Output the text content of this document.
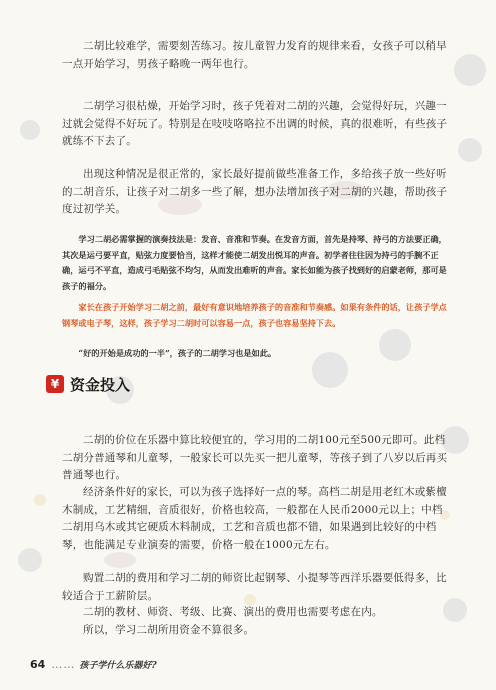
二胡比较难学，需要刻苦练习。按儿童智力发育的规律来看，女孩子可以稍早一点开始学习，男孩子略晚一两年也行。

二胡学习很枯燥，开始学习时，孩子凭着对二胡的兴趣，会觉得好玩，兴趣一过就会觉得不好玩了。特别是在吱吱咯咯拉不出调的时候，真的很难听，有些孩子就练不下去了。

出现这种情况是很正常的，家长最好提前做些准备工作，多给孩子放一些好听的二胡音乐，让孩子对二胡多一些了解，想办法增加孩子对二胡的兴趣，帮助孩子度过初学关。

学习二胡必需掌握的演奏技法是：发音、音准和节奏。在发音方面，首先是持琴、持弓的方法要正确，其次是运弓要平直，贴弦力度要恰当，这样才能使二胡发出悦耳的声音。初学者往往因为持弓的手腕不正确，运弓不平直，造成弓毛贴弦不均匀，从而发出难听的声音。家长如能为孩子找到好的启蒙老师，那可是孩子的福分。

家长在孩子开始学习二胡之前，最好有意识地培养孩子的音准和节奏感。如果有条件的话，让孩子学点钢琴或电子琴，这样，孩子学习二胡时可以容易一点，孩子也容易坚持下去。

“好的开始是成功的一半”，孩子的二胡学习也是如此。

¥ 资金投入

二胡的价位在乐器中算比较便宜的，学习用的二胡100元至500元即可。此档二胡分普通琴和儿童琴，一般家长可以先买一把儿童琴，等孩子到了八岁以后再买普通琴也行。

经济条件好的家长，可以为孩子选择好一点的琴。高档二胡是用老红木或紫檀木制成，工艺精细，音质很好，价格也较高，一般都在人民币2000元以上；中档二胡用乌木或其它硬质木料制成，工艺和音质也都不错，如果遇到比较好的中档琴，也能满足专业演奏的需要，价格一般在1000元左右。

购置二胡的费用和学习二胡的师资比起钢琴、小提琴等西洋乐器要低得多，比较适合于工薪阶层。

二胡的教材、师资、考级、比赛、演出的费用也需要考虑在内。

所以，学习二胡所用资金不算很多。

64 …… 孩子学什么乐器好?
